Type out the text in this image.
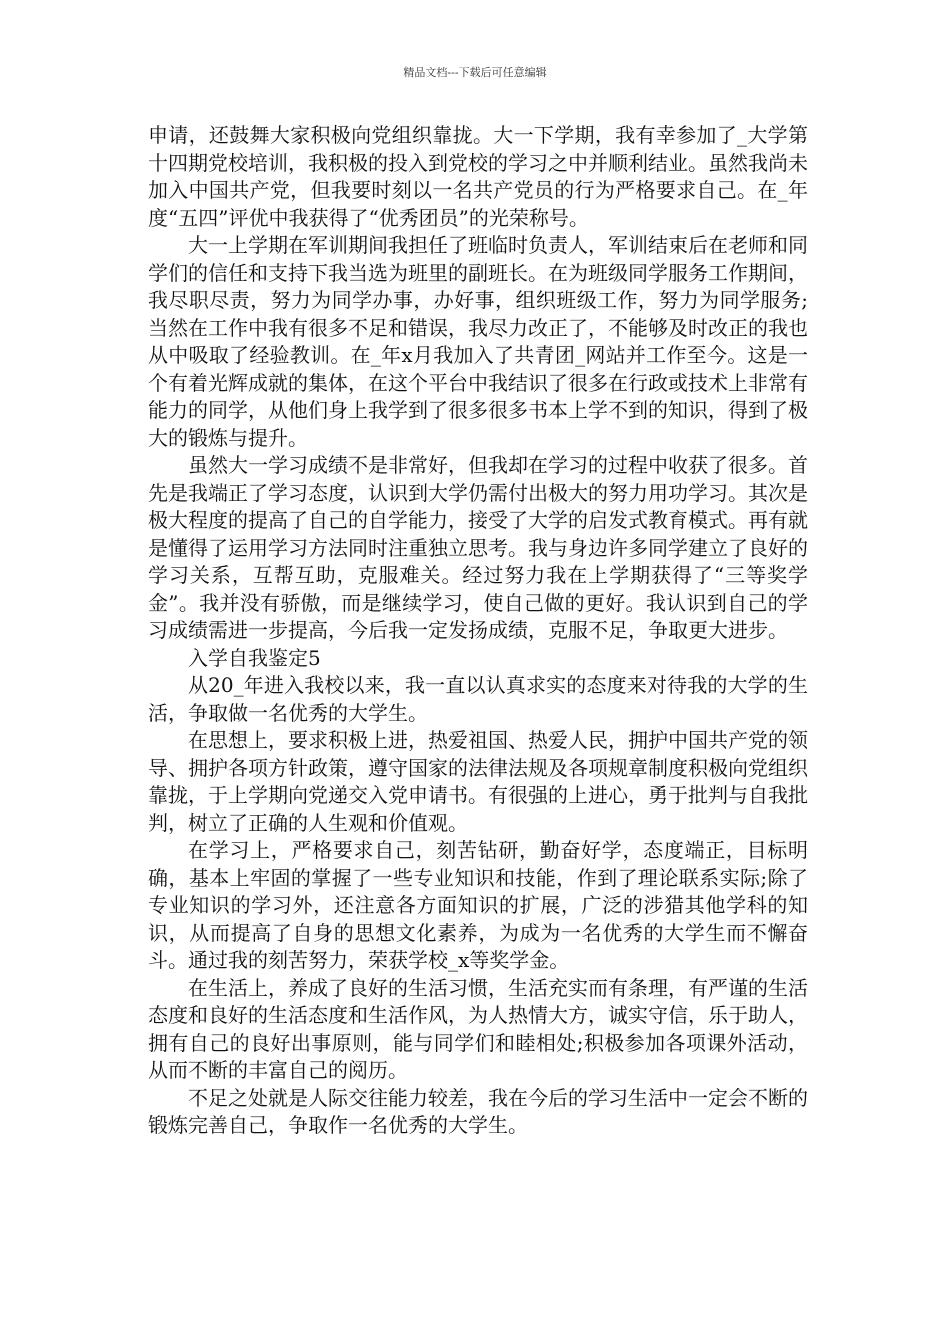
精品文档---下载后可任意编辑

申请，还鼓舞大家积极向党组织靠拢。大一下学期，我有幸参加了_大学第十四期党校培训，我积极的投入到党校的学习之中并顺利结业。虽然我尚未加入中国共产党，但我要时刻以一名共产党员的行为严格要求自己。在_年度“五四”评优中我获得了“优秀团员”的光荣称号。

大一上学期在军训期间我担任了班临时负责人，军训结束后在老师和同学们的信任和支持下我当选为班里的副班长。在为班级同学服务工作期间，我尽职尽责，努力为同学办事，办好事，组织班级工作，努力为同学服务;当然在工作中我有很多不足和错误，我尽力改正了，不能够及时改正的我也从中吸取了经验教训。在_年x月我加入了共青团_网站并工作至今。这是一个有着光辉成就的集体，在这个平台中我结识了很多在行政或技术上非常有能力的同学，从他们身上我学到了很多很多书本上学不到的知识，得到了极大的锻炼与提升。

虽然大一学习成绩不是非常好，但我却在学习的过程中收获了很多。首先是我端正了学习态度，认识到大学仍需付出极大的努力用功学习。其次是极大程度的提高了自己的自学能力，接受了大学的启发式教育模式。再有就是懂得了运用学习方法同时注重独立思考。我与身边许多同学建立了良好的学习关系，互帮互助，克服难关。经过努力我在上学期获得了“三等奖学金”。我并没有骄傲，而是继续学习，使自己做的更好。我认识到自己的学习成绩需进一步提高，今后我一定发扬成绩，克服不足，争取更大进步。

入学自我鉴定5

从20_年进入我校以来，我一直以认真求实的态度来对待我的大学的生活，争取做一名优秀的大学生。

在思想上，要求积极上进，热爱祖国、热爱人民，拥护中国共产党的领导、拥护各项方针政策，遵守国家的法律法规及各项规章制度积极向党组织靠拢，于上学期向党递交入党申请书。有很强的上进心，勇于批判与自我批判，树立了正确的人生观和价值观。

在学习上，严格要求自己，刻苦钻研，勤奋好学，态度端正，目标明确，基本上牢固的掌握了一些专业知识和技能，作到了理论联系实际;除了专业知识的学习外，还注意各方面知识的扩展，广泛的涉猎其他学科的知识，从而提高了自身的思想文化素养，为成为一名优秀的大学生而不懈奋斗。通过我的刻苦努力，荣获学校_x等奖学金。

在生活上，养成了良好的生活习惯，生活充实而有条理，有严谨的生活态度和良好的生活态度和生活作风，为人热情大方，诚实守信，乐于助人，拥有自己的良好出事原则，能与同学们和睦相处;积极参加各项课外活动，从而不断的丰富自己的阅历。

不足之处就是人际交往能力较差，我在今后的学习生活中一定会不断的锻炼完善自己，争取作一名优秀的大学生。
